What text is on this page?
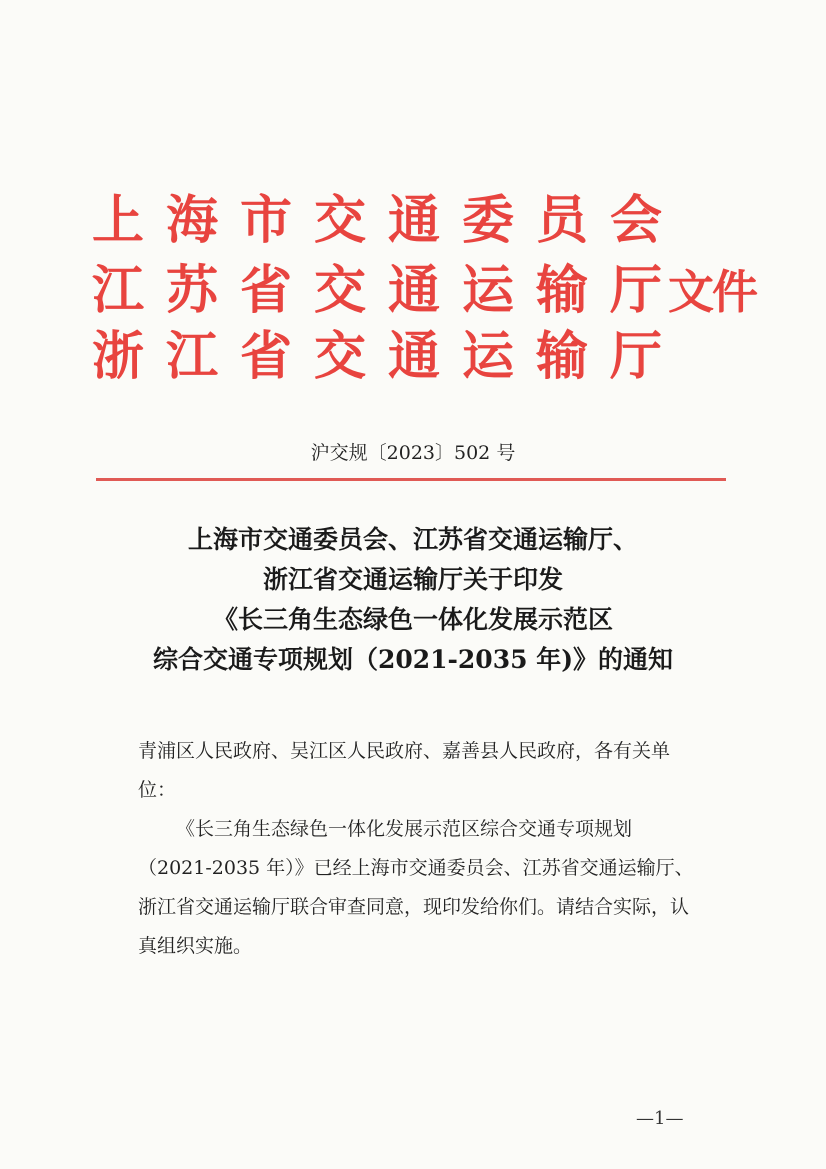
上 海 市 交 通 委 员 会
江 苏 省 交 通 运 输 厅 文件
浙 江 省 交 通 运 输 厅
沪交规〔2023〕502 号
上海市交通委员会、江苏省交通运输厅、
浙江省交通运输厅关于印发
《长三角生态绿色一体化发展示范区
综合交通专项规划（2021-2035 年)》的通知

青浦区人民政府、吴江区人民政府、嘉善县人民政府，各有关单位：

《长三角生态绿色一体化发展示范区综合交通专项规划（2021-2035 年）》已经上海市交通委员会、江苏省交通运输厅、浙江省交通运输厅联合审查同意，现印发给你们。请结合实际，认真组织实施。

—1—
